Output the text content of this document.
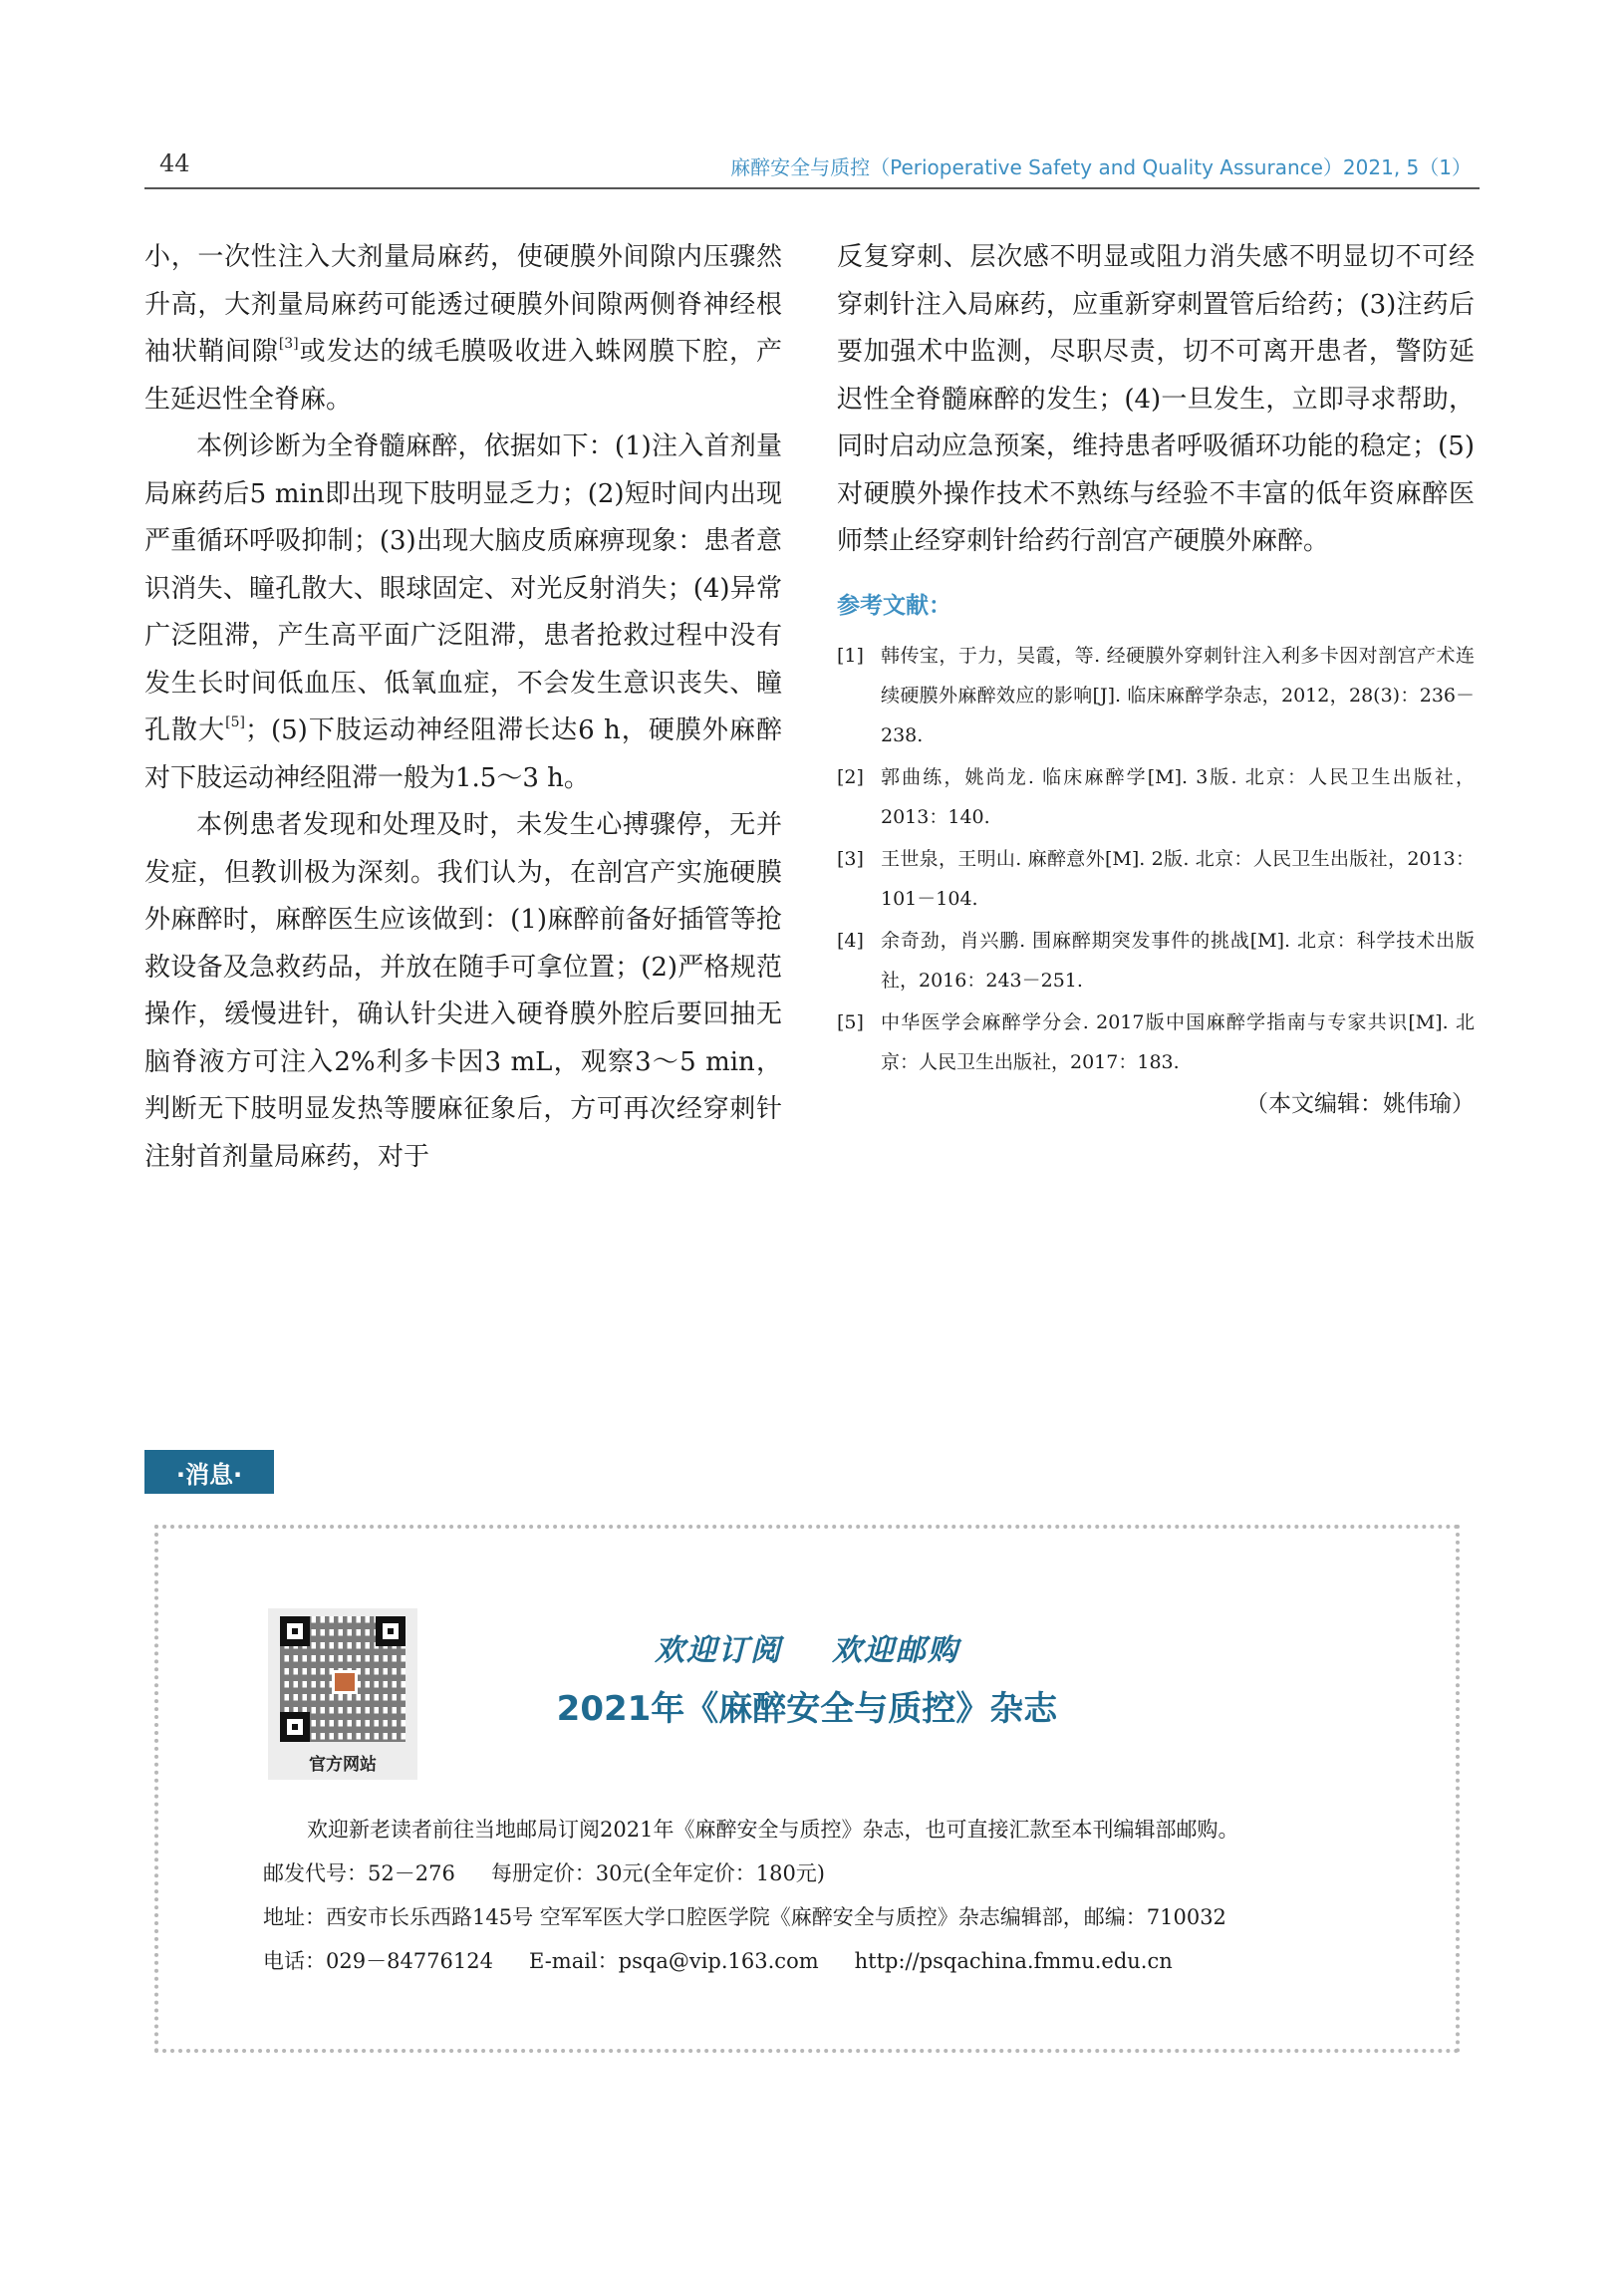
44	麻醉安全与质控（Perioperative Safety and Quality Assurance）2021, 5（1）

小，一次性注入大剂量局麻药，使硬膜外间隙内压骤然升高，大剂量局麻药可能透过硬膜外间隙两侧脊神经根袖状鞘间隙[3]或发达的绒毛膜吸收进入蛛网膜下腔，产生延迟性全脊麻。

本例诊断为全脊髓麻醉，依据如下：(1)注入首剂量局麻药后5 min即出现下肢明显乏力；(2)短时间内出现严重循环呼吸抑制；(3)出现大脑皮质麻痹现象：患者意识消失、瞳孔散大、眼球固定、对光反射消失；(4)异常广泛阻滞，产生高平面广泛阻滞，患者抢救过程中没有发生长时间低血压、低氧血症，不会发生意识丧失、瞳孔散大[5]；(5)下肢运动神经阻滞长达6 h，硬膜外麻醉对下肢运动神经阻滞一般为1.5～3 h。

本例患者发现和处理及时，未发生心搏骤停，无并发症，但教训极为深刻。我们认为，在剖宫产实施硬膜外麻醉时，麻醉医生应该做到：(1)麻醉前备好插管等抢救设备及急救药品，并放在随手可拿位置；(2)严格规范操作，缓慢进针，确认针尖进入硬脊膜外腔后要回抽无脑脊液方可注入2%利多卡因3 mL，观察3～5 min，判断无下肢明显发热等腰麻征象后，方可再次经穿刺针注射首剂量局麻药，对于

反复穿刺、层次感不明显或阻力消失感不明显切不可经穿刺针注入局麻药，应重新穿刺置管后给药；(3)注药后要加强术中监测，尽职尽责，切不可离开患者，警防延迟性全脊髓麻醉的发生；(4)一旦发生，立即寻求帮助，同时启动应急预案，维持患者呼吸循环功能的稳定；(5)对硬膜外操作技术不熟练与经验不丰富的低年资麻醉医师禁止经穿刺针给药行剖宫产硬膜外麻醉。

参考文献：

[1] 韩传宝，于力，吴霞，等. 经硬膜外穿刺针注入利多卡因对剖宫产术连续硬膜外麻醉效应的影响[J]. 临床麻醉学杂志，2012，28(3)：236－238.
[2] 郭曲练，姚尚龙. 临床麻醉学[M]. 3版. 北京：人民卫生出版社，2013：140.
[3] 王世泉，王明山. 麻醉意外[M]. 2版. 北京：人民卫生出版社，2013：101－104.
[4] 余奇劲，肖兴鹏. 围麻醉期突发事件的挑战[M]. 北京：科学技术出版社，2016：243－251.
[5] 中华医学会麻醉学分会. 2017版中国麻醉学指南与专家共识[M]. 北京：人民卫生出版社，2017：183.

（本文编辑：姚伟瑜）

·消息·
官方网站
欢迎订阅 欢迎邮购
2021年《麻醉安全与质控》杂志
欢迎新老读者前往当地邮局订阅2021年《麻醉安全与质控》杂志，也可直接汇款至本刊编辑部邮购。
邮发代号：52－276 每册定价：30元(全年定价：180元)
地址：西安市长乐西路145号 空军军医大学口腔医学院《麻醉安全与质控》杂志编辑部，邮编：710032
电话：029－84776124 E-mail：psqa@vip.163.com http://psqachina.fmmu.edu.cn
